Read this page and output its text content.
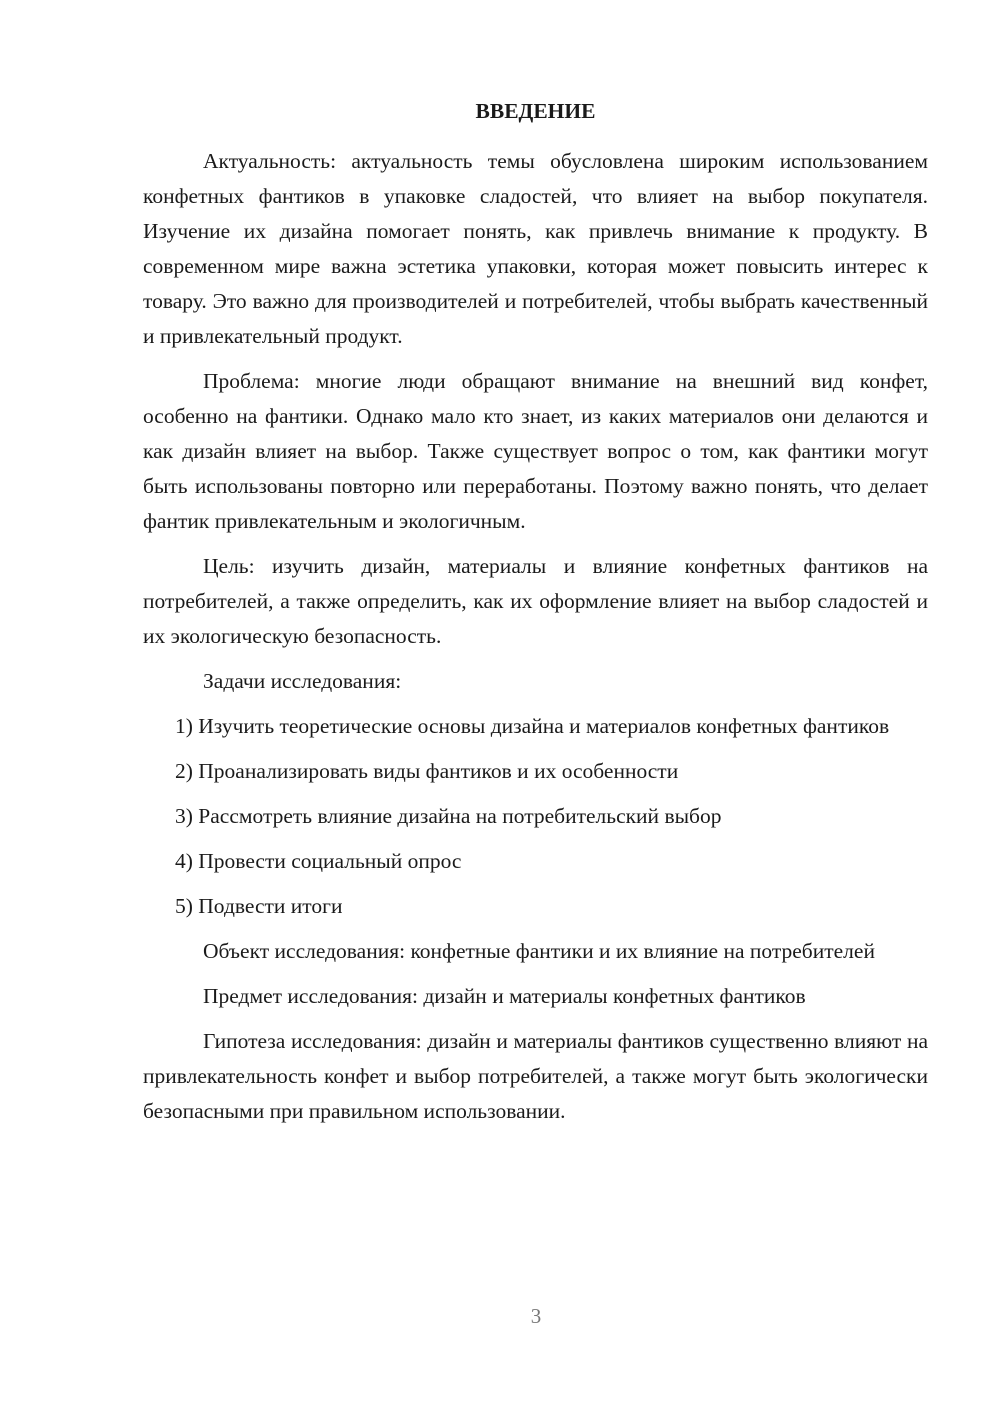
ВВЕДЕНИЕ

Актуальность: актуальность темы обусловлена широким использованием конфетных фантиков в упаковке сладостей, что влияет на выбор покупателя. Изучение их дизайна помогает понять, как привлечь внимание к продукту. В современном мире важна эстетика упаковки, которая может повысить интерес к товару. Это важно для производителей и потребителей, чтобы выбрать качественный и привлекательный продукт.

Проблема: многие люди обращают внимание на внешний вид конфет, особенно на фантики. Однако мало кто знает, из каких материалов они делаются и как дизайн влияет на выбор. Также существует вопрос о том, как фантики могут быть использованы повторно или переработаны. Поэтому важно понять, что делает фантик привлекательным и экологичным.

Цель: изучить дизайн, материалы и влияние конфетных фантиков на потребителей, а также определить, как их оформление влияет на выбор сладостей и их экологическую безопасность.

Задачи исследования:

1) Изучить теоретические основы дизайна и материалов конфетных фантиков

2) Проанализировать виды фантиков и их особенности

3) Рассмотреть влияние дизайна на потребительский выбор

4) Провести социальный опрос

5) Подвести итоги

Объект исследования: конфетные фантики и их влияние на потребителей

Предмет исследования: дизайн и материалы конфетных фантиков

Гипотеза исследования: дизайн и материалы фантиков существенно влияют на привлекательность конфет и выбор потребителей, а также могут быть экологически безопасными при правильном использовании.

3
